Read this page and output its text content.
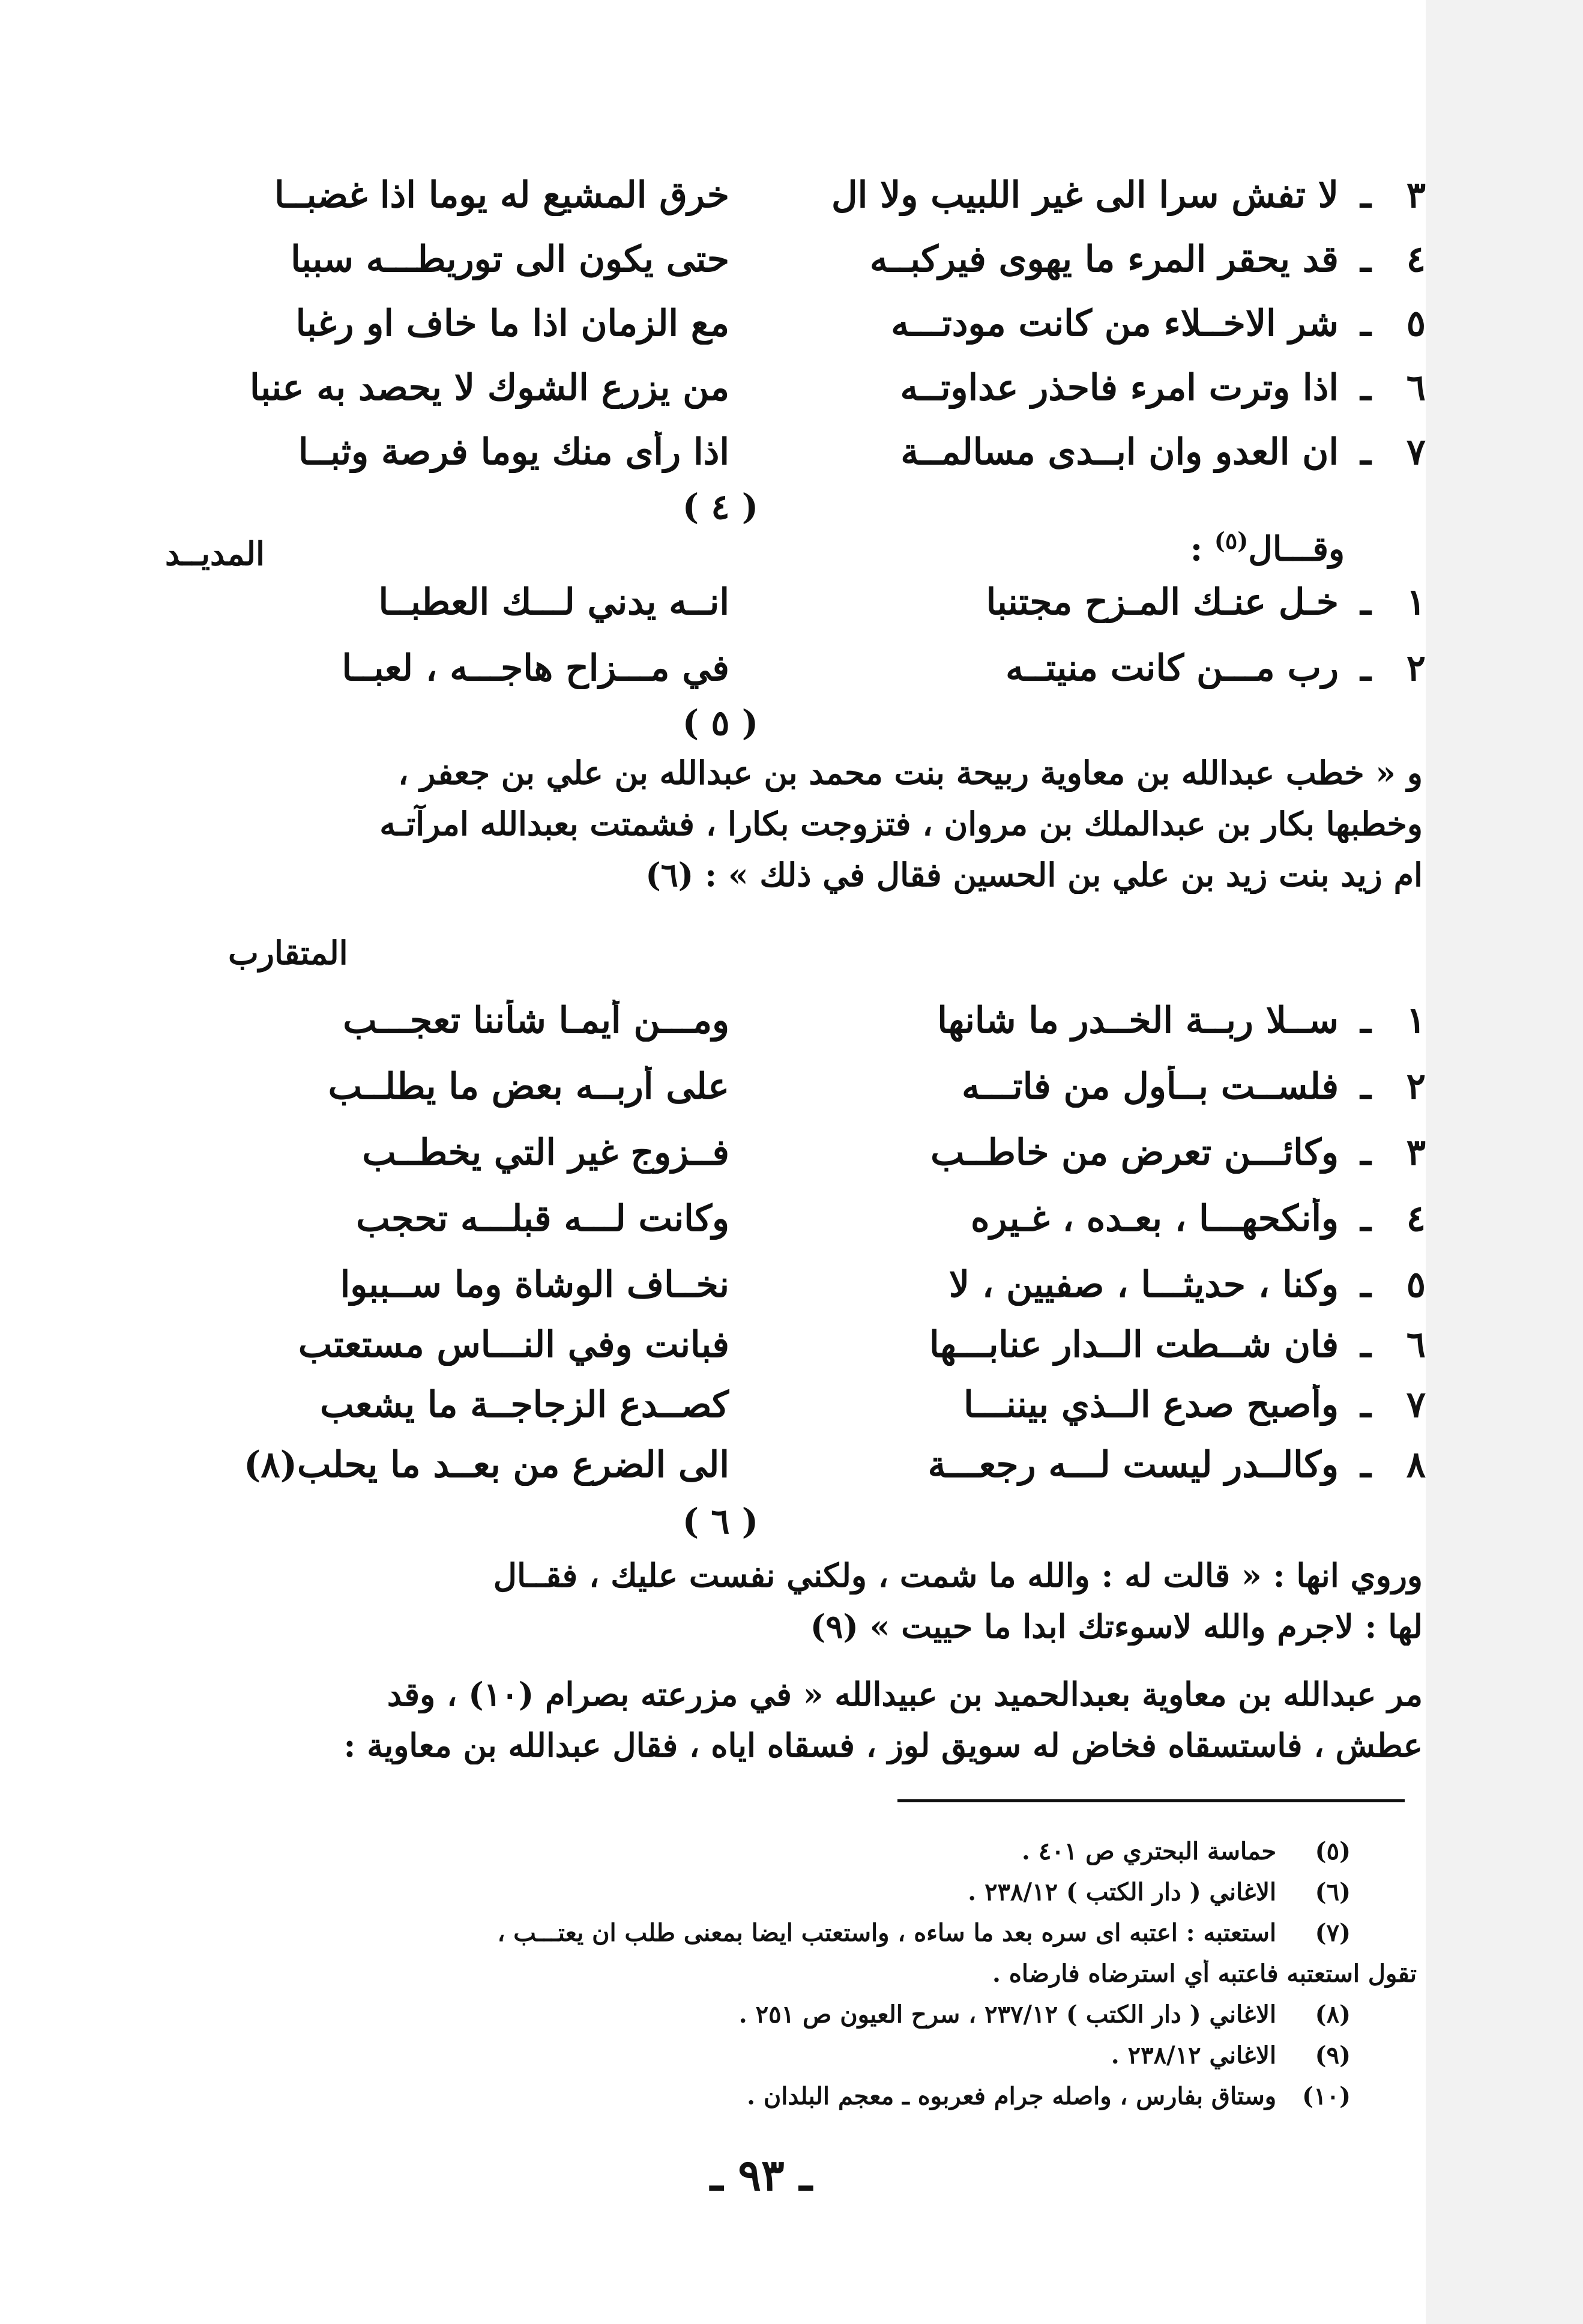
٣
ـ
لا تفش سرا الى غير اللبيب ولا ال
خرق المشيع له يوما اذا غضبــا
٤
ـ
قد يحقر المرء ما يهوى فيركبــه
حتى يكون الى توريطـــه سببا
٥
ـ
شر الاخــلاء من كانت مودتـــه
مع الزمان اذا ما خاف او رغبا
٦
ـ
اذا وترت امرء فاحذر عداوتــه
من يزرع الشوك لا يحصد به عنبا
٧
ـ
ان العدو وان ابــدى مسالمــة
اذا رأى منك يوما فرصة وثبــا
( ٤ )
وقـــال$^{(٥)}$ :
المديــد
١
ـ
خـل عنـك المـزح مجتنبا
انــه يدني لـــك العطبــا
٢
ـ
رب مـــن كانت منيتــه
في مـــزاح هاجـــه ، لعبــا
( ٥ )
و « خطب عبدالله بن معاوية ربيحة بنت محمد بن عبدالله بن علي بن جعفر ،
وخطبها بكار بن عبدالملك بن مروان ، فتزوجت بكارا ، فشمتت بعبدالله امرآتـه
ام زيد بنت زيد بن علي بن الحسين فقال في ذلك » : (٦)
المتقارب
١
ـ
ســلا ربــة الخــدر ما شانها
ومـــن أيمـا شأننا تعجـــب
٢
ـ
فلســت بــأول من فاتـــه
على أربــه بعض ما يطلــب
٣
ـ
وكائـــن تعرض من خاطــب
فــزوج غير التي يخطــب
٤
ـ
وأنكحهـــا ، بعـده ، غـيره
وكانت لـــه قبلـــه تحجب
٥
ـ
وكنا ، حديثـــا ، صفيين ، لا
نخــاف الوشاة وما ســببوا
٦
ـ
فان شــطت الــدار عنابـــها
فبانت وفي النـــاس مستعتب
٧
ـ
وأصبح صدع الــذي بيننـــا
كصــدع الزجاجــة ما يشعب
٨
ـ
وكالــدر ليست لـــه رجعـــة
الى الضرع من بعــد ما يحلب(٨)
( ٦ )
وروي انها : « قالت له : والله ما شمت ، ولكني نفست عليك ، فقــال
لها : لاجرم والله لاسوءتك ابدا ما حييت » (٩)
مر عبدالله بن معاوية بعبدالحميد بن عبيدالله « في مزرعته بصرام (١٠) ، وقد
عطش ، فاستسقاه فخاض له سويق لوز ، فسقاه اياه ، فقال عبدالله بن معاوية :
(٥) حماسة البحتري ص ٤٠١ .
(٦) الاغاني ( دار الكتب ) ٢٣٨/١٢ .
(٧) استعتبه : اعتبه اى سره بعد ما ساءه ، واستعتب ايضا بمعنى طلب ان يعتـــب ،
تقول استعتبه فاعتبه أي استرضاه فارضاه .
(٨) الاغاني ( دار الكتب ) ٢٣٧/١٢ ، سرح العيون ص ٢٥١ .
(٩) الاغاني ٢٣٨/١٢ .
(١٠) وستاق بفارس ، واصله جرام فعربوه ـ معجم البلدان .
ـ ٩٣ ـ
